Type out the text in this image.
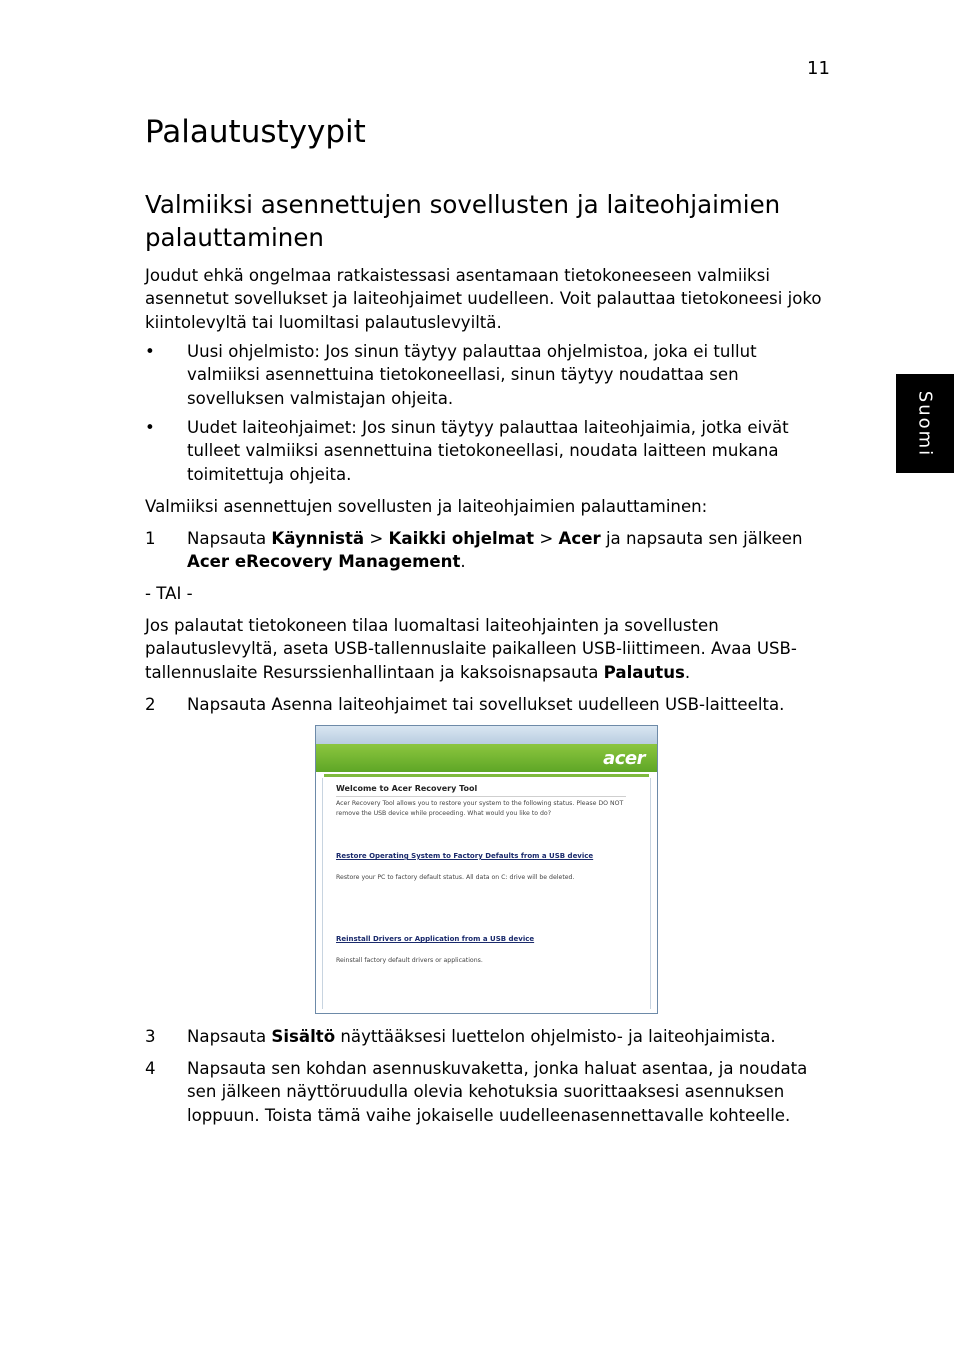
11
Palautustyypit
Valmiiksi asennettujen sovellusten ja laiteohjaimien palauttaminen

Joudut ehkä ongelmaa ratkaistessasi asentamaan tietokoneeseen valmiiksi asennetut sovellukset ja laiteohjaimet uudelleen. Voit palauttaa tietokoneesi joko kiintolevyltä tai luomiltasi palautuslevyiltä.

• Uusi ohjelmisto: Jos sinun täytyy palauttaa ohjelmistoa, joka ei tullut valmiiksi asennettuina tietokoneellasi, sinun täytyy noudattaa sen sovelluksen valmistajan ohjeita.
• Uudet laiteohjaimet: Jos sinun täytyy palauttaa laiteohjaimia, jotka eivät tulleet valmiiksi asennettuina tietokoneellasi, noudata laitteen mukana toimitettuja ohjeita.

Valmiiksi asennettujen sovellusten ja laiteohjaimien palauttaminen:

1 Napsauta Käynnistä > Kaikki ohjelmat > Acer ja napsauta sen jälkeen Acer eRecovery Management.

- TAI -

Jos palautat tietokoneen tilaa luomaltasi laiteohjainten ja sovellusten palautuslevyltä, aseta USB-tallennuslaite paikalleen USB-liittimeen. Avaa USB-tallennuslaite Resurssienhallintaan ja kaksoisnapsauta Palautus.

2 Napsauta Asenna laiteohjaimet tai sovellukset uudelleen USB-laitteelta.
acer
Welcome to Acer Recovery Tool
Acer Recovery Tool allows you to restore your system to the following status. Please DO NOT remove the USB device while proceeding. What would you like to do?
Restore Operating System to Factory Defaults from a USB device
Restore your PC to factory default status. All data on C: drive will be deleted.
Reinstall Drivers or Application from a USB device
Reinstall factory default drivers or applications.
3 Napsauta Sisältö näyttääksesi luettelon ohjelmisto- ja laiteohjaimista.
4 Napsauta sen kohdan asennuskuvaketta, jonka haluat asentaa, ja noudata sen jälkeen näyttöruudulla olevia kehotuksia suorittaaksesi asennuksen loppuun. Toista tämä vaihe jokaiselle uudelleenasennettavalle kohteelle.
Suomi
